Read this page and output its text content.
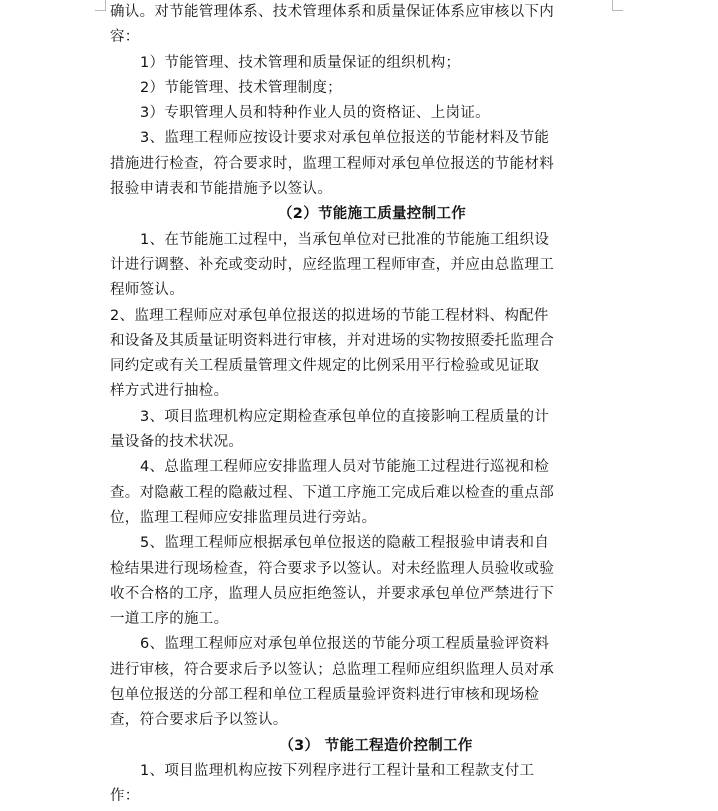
确认。对节能管理体系、技术管理体系和质量保证体系应审核以下内
容：
1）节能管理、技术管理和质量保证的组织机构；
2）节能管理、技术管理制度；
3）专职管理人员和特种作业人员的资格证、上岗证。
3、监理工程师应按设计要求对承包单位报送的节能材料及节能
措施进行检查，符合要求时，监理工程师对承包单位报送的节能材料
报验申请表和节能措施予以签认。
（2）节能施工质量控制工作
1、在节能施工过程中，当承包单位对已批准的节能施工组织设
计进行调整、补充或变动时，应经监理工程师审查，并应由总监理工
程师签认。
2、监理工程师应对承包单位报送的拟进场的节能工程材料、构配件
和设备及其质量证明资料进行审核，并对进场的实物按照委托监理合
同约定或有关工程质量管理文件规定的比例采用平行检验或见证取
样方式进行抽检。
3、项目监理机构应定期检查承包单位的直接影响工程质量的计
量设备的技术状况。
4、总监理工程师应安排监理人员对节能施工过程进行巡视和检
查。对隐蔽工程的隐蔽过程、下道工序施工完成后难以检查的重点部
位，监理工程师应安排监理员进行旁站。
5、监理工程师应根据承包单位报送的隐蔽工程报验申请表和自
检结果进行现场检查，符合要求予以签认。对未经监理人员验收或验
收不合格的工序，监理人员应拒绝签认，并要求承包单位严禁进行下
一道工序的施工。
6、监理工程师应对承包单位报送的节能分项工程质量验评资料
进行审核，符合要求后予以签认；总监理工程师应组织监理人员对承
包单位报送的分部工程和单位工程质量验评资料进行审核和现场检
查，符合要求后予以签认。
（3） 节能工程造价控制工作
1、项目监理机构应按下列程序进行工程计量和工程款支付工
作：
